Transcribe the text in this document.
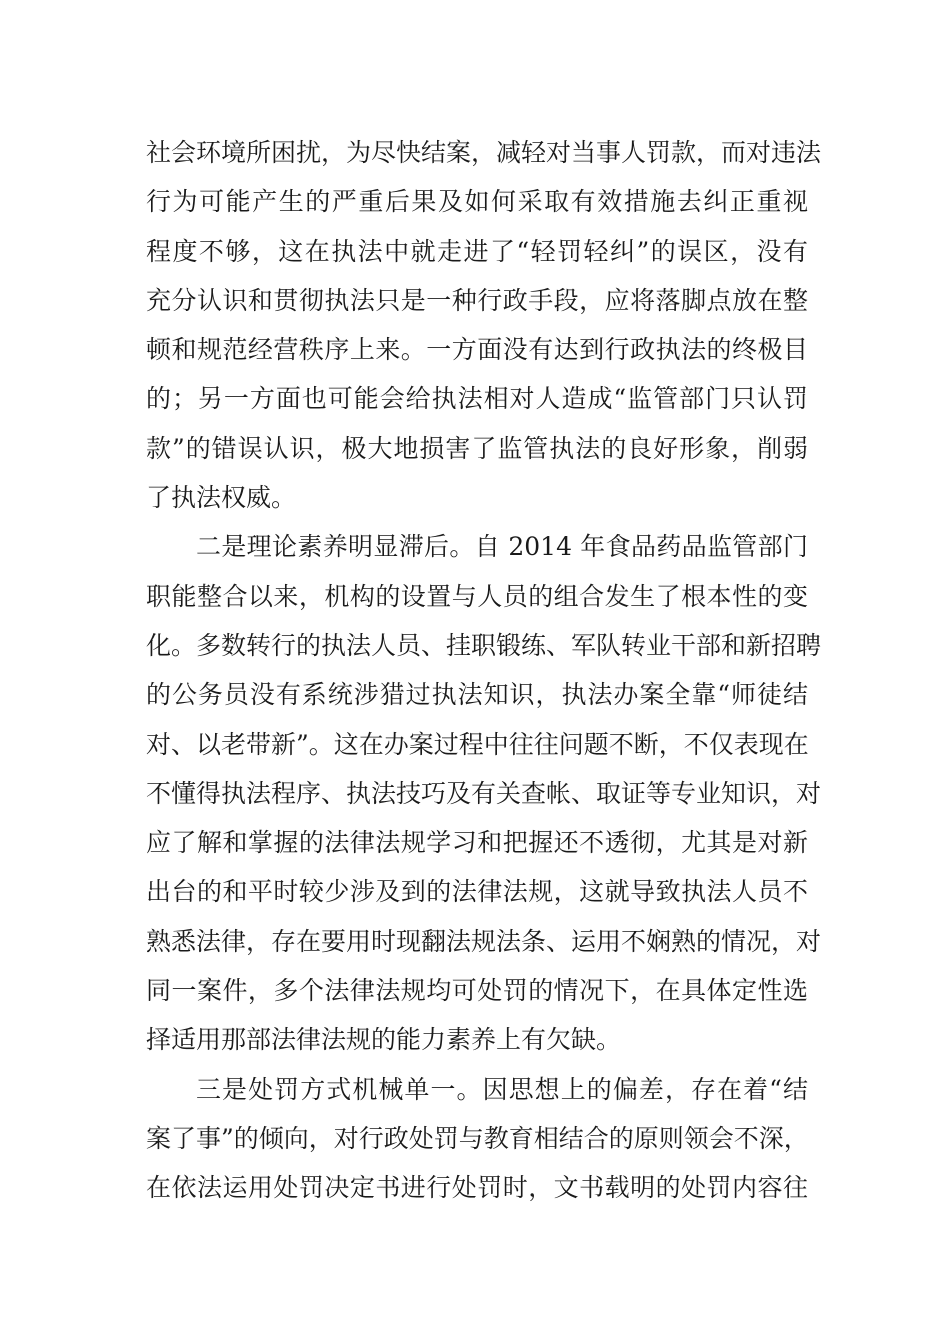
社会环境所困扰，为尽快结案，减轻对当事人罚款，而对违法
行为可能产生的严重后果及如何采取有效措施去纠正重视
程度不够，这在执法中就走进了“轻罚轻纠”的误区，没有
充分认识和贯彻执法只是一种行政手段，应将落脚点放在整
顿和规范经营秩序上来。一方面没有达到行政执法的终极目
的；另一方面也可能会给执法相对人造成“监管部门只认罚
款”的错误认识，极大地损害了监管执法的良好形象，削弱
了执法权威。
二是理论素养明显滞后。自 2014 年食品药品监管部门
职能整合以来，机构的设置与人员的组合发生了根本性的变
化。多数转行的执法人员、挂职锻练、军队转业干部和新招聘
的公务员没有系统涉猎过执法知识，执法办案全靠“师徒结
对、以老带新”。这在办案过程中往往问题不断，不仅表现在
不懂得执法程序、执法技巧及有关查帐、取证等专业知识，对
应了解和掌握的法律法规学习和把握还不透彻，尤其是对新
出台的和平时较少涉及到的法律法规，这就导致执法人员不
熟悉法律，存在要用时现翻法规法条、运用不娴熟的情况，对
同一案件，多个法律法规均可处罚的情况下，在具体定性选
择适用那部法律法规的能力素养上有欠缺。
三是处罚方式机械单一。因思想上的偏差，存在着“结
案了事”的倾向，对行政处罚与教育相结合的原则领会不深，
在依法运用处罚决定书进行处罚时，文书载明的处罚内容往
